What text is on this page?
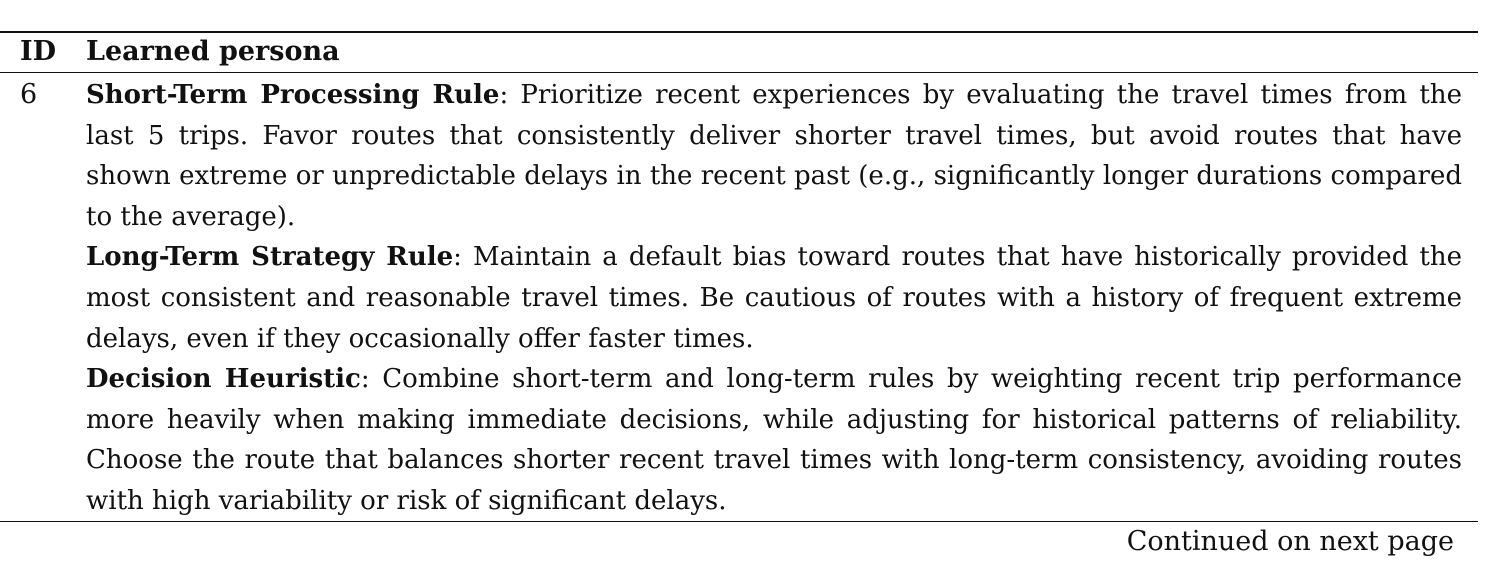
ID Learned persona
6 Short-Term Processing Rule: Prioritize recent experiences by evaluating the travel times from the last 5 trips. Favor routes that consistently deliver shorter travel times, but avoid routes that have shown extreme or unpredictable delays in the recent past (e.g., significantly longer durations compared to the average).

Long-Term Strategy Rule: Maintain a default bias toward routes that have historically provided the most consistent and reasonable travel times. Be cautious of routes with a history of frequent extreme delays, even if they occasionally offer faster times.

Decision Heuristic: Combine short-term and long-term rules by weighting recent trip performance more heavily when making immediate decisions, while adjusting for historical patterns of reliability. Choose the route that balances shorter recent travel times with long-term consistency, avoiding routes with high variability or risk of significant delays.

Continued on next page
